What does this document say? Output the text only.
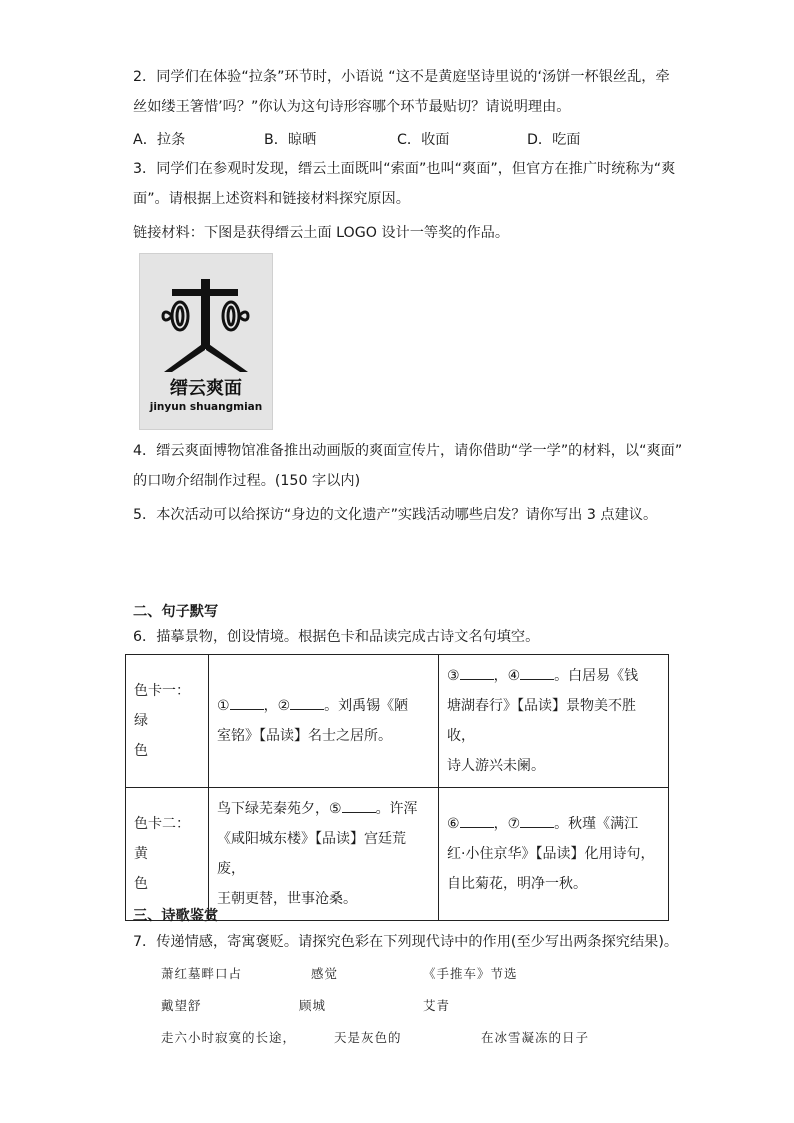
2．同学们在体验“拉条”环节时，小语说 “这不是黄庭坚诗里说的‘汤饼一杯银丝乱，牵
丝如缕王箸惜’吗？”你认为这句诗形容哪个环节最贴切？请说明理由。
A．拉条	B．晾晒	C．收面	D．吃面
3．同学们在参观时发现，缙云土面既叫“索面”也叫“爽面”，但官方在推广时统称为“爽
面”。请根据上述资料和链接材料探究原因。
链接材料：下图是获得缙云土面 LOGO 设计一等奖的作品。
缙云爽面
jinyun shuangmian
4．缙云爽面博物馆准备推出动画版的爽面宣传片，请你借助“学一学”的材料，以“爽面”
的口吻介绍制作过程。(150 字以内)
5．本次活动可以给探访“身边的文化遗产”实践活动哪些启发？请你写出 3 点建议。
二、句子默写
6．描摹景物，创设情境。根据色卡和品读完成古诗文名句填空。
色卡一：绿
色	① ，② 。刘禹锡《陋
室铭》【品读】名士之居所。	③ ，④ 。白居易《钱
塘湖春行》【品读】景物美不胜收，
诗人游兴未阑。
色卡二：黄
色	鸟下绿芜秦苑夕，⑤ 。许浑
《咸阳城东楼》【品读】宫廷荒废，
王朝更替，世事沧桑。	⑥ ，⑦ 。秋瑾《满江
红·小住京华》【品读】化用诗句，
自比菊花，明净一秋。
三、诗歌鉴赏
7．传递情感，寄寓褒贬。请探究色彩在下列现代诗中的作用(至少写出两条探究结果)。
萧红墓畔口占	感觉	《手推车》节选
戴望舒	顾城	艾青
走六小时寂寞的长途，	天是灰色的	在冰雪凝冻的日子
